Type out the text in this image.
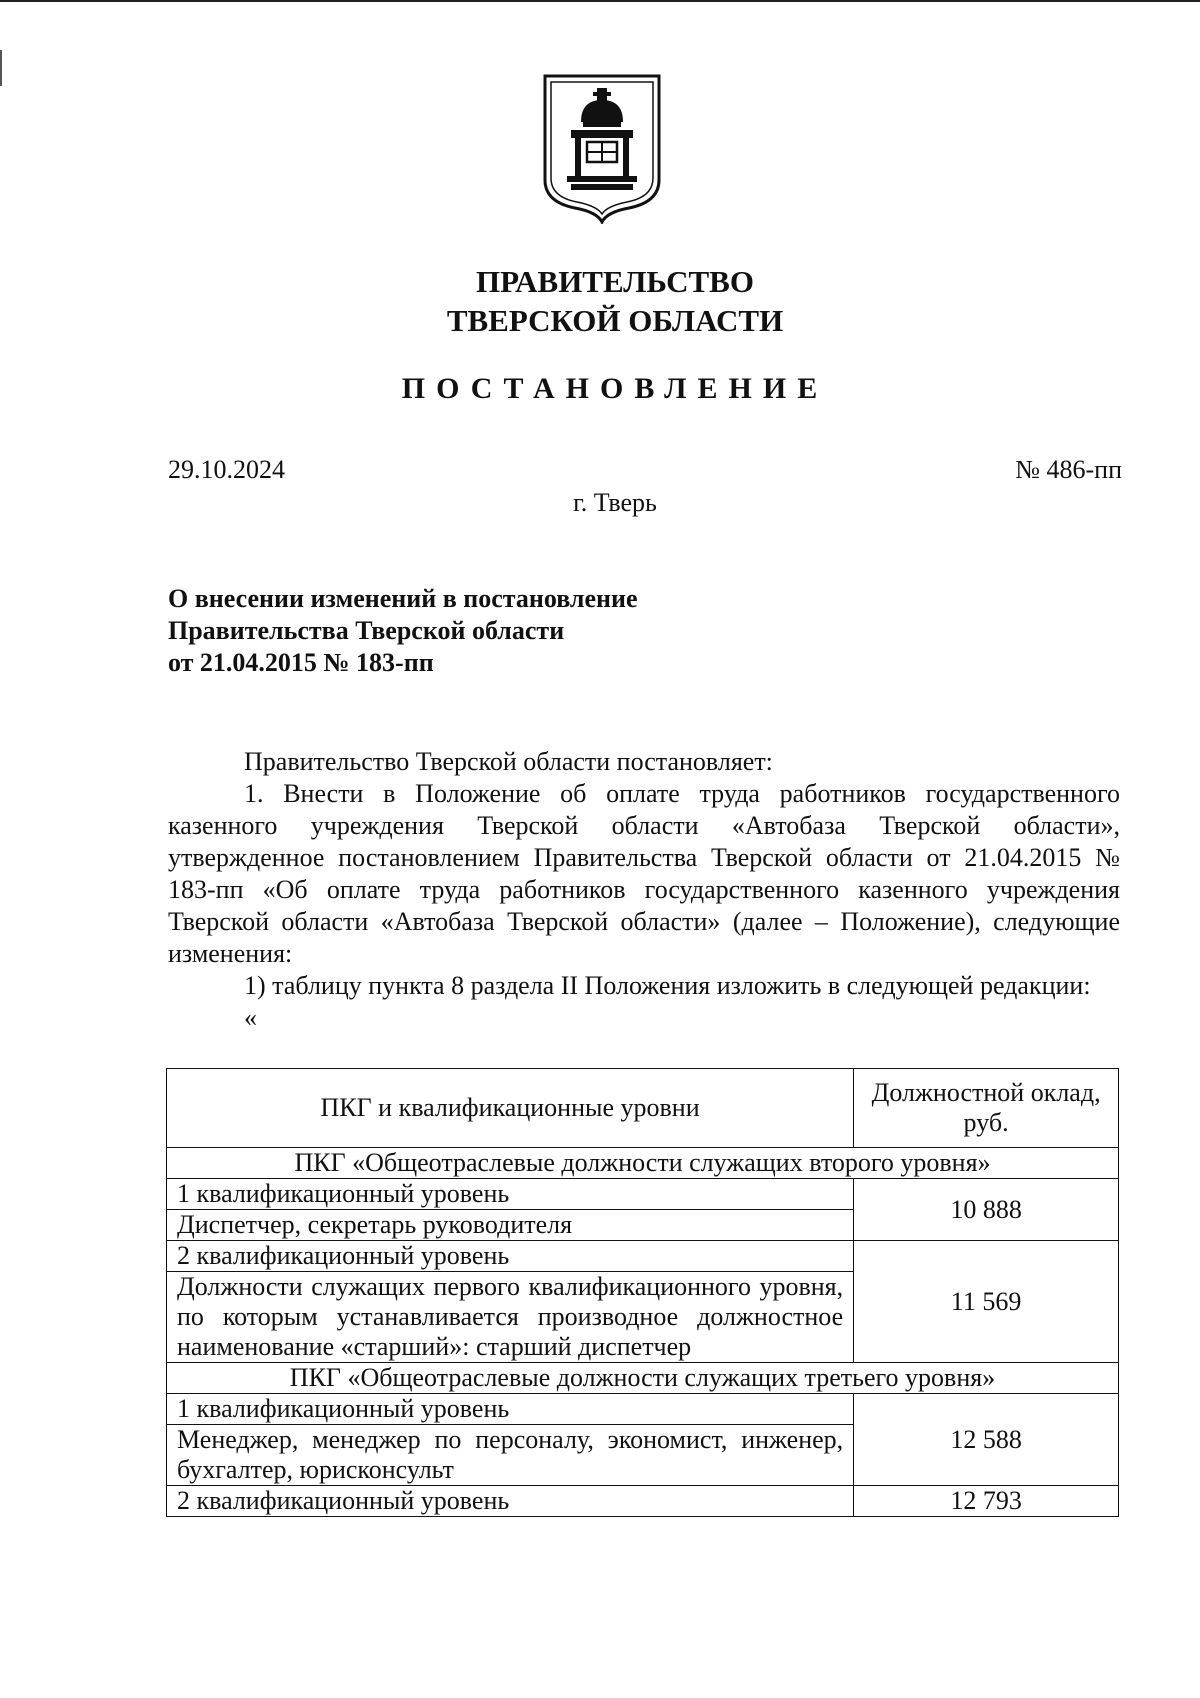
ПРАВИТЕЛЬСТВО
ТВЕРСКОЙ ОБЛАСТИ
ПОСТАНОВЛЕНИЕ
29.10.2024	№ 486-пп
г. Тверь
О внесении изменений в постановление
Правительства Тверской области
от 21.04.2015 № 183-пп

Правительство Тверской области постановляет:

1. Внести в Положение об оплате труда работников государственного казенного учреждения Тверской области «Автобаза Тверской области», утвержденное постановлением Правительства Тверской области от 21.04.2015 № 183-пп «Об оплате труда работников государственного казенного учреждения Тверской области «Автобаза Тверской области» (далее – Положение), следующие изменения:

1) таблицу пункта 8 раздела II Положения изложить в следующей редакции:

«

ПКГ и квалификационные уровни	Должностной оклад, руб.
ПКГ «Общеотраслевые должности служащих второго уровня»	
1 квалификационный уровень	10 888
Диспетчер, секретарь руководителя	
2 квалификационный уровень	11 569
Должности служащих первого квалификационного уровня, по которым устанавливается производное должностное наименование «старший»: старший диспетчер	
ПКГ «Общеотраслевые должности служащих третьего уровня»	
1 квалификационный уровень	12 588
Менеджер, менеджер по персоналу, экономист, инженер, бухгалтер, юрисконсульт	
2 квалификационный уровень	12 793
